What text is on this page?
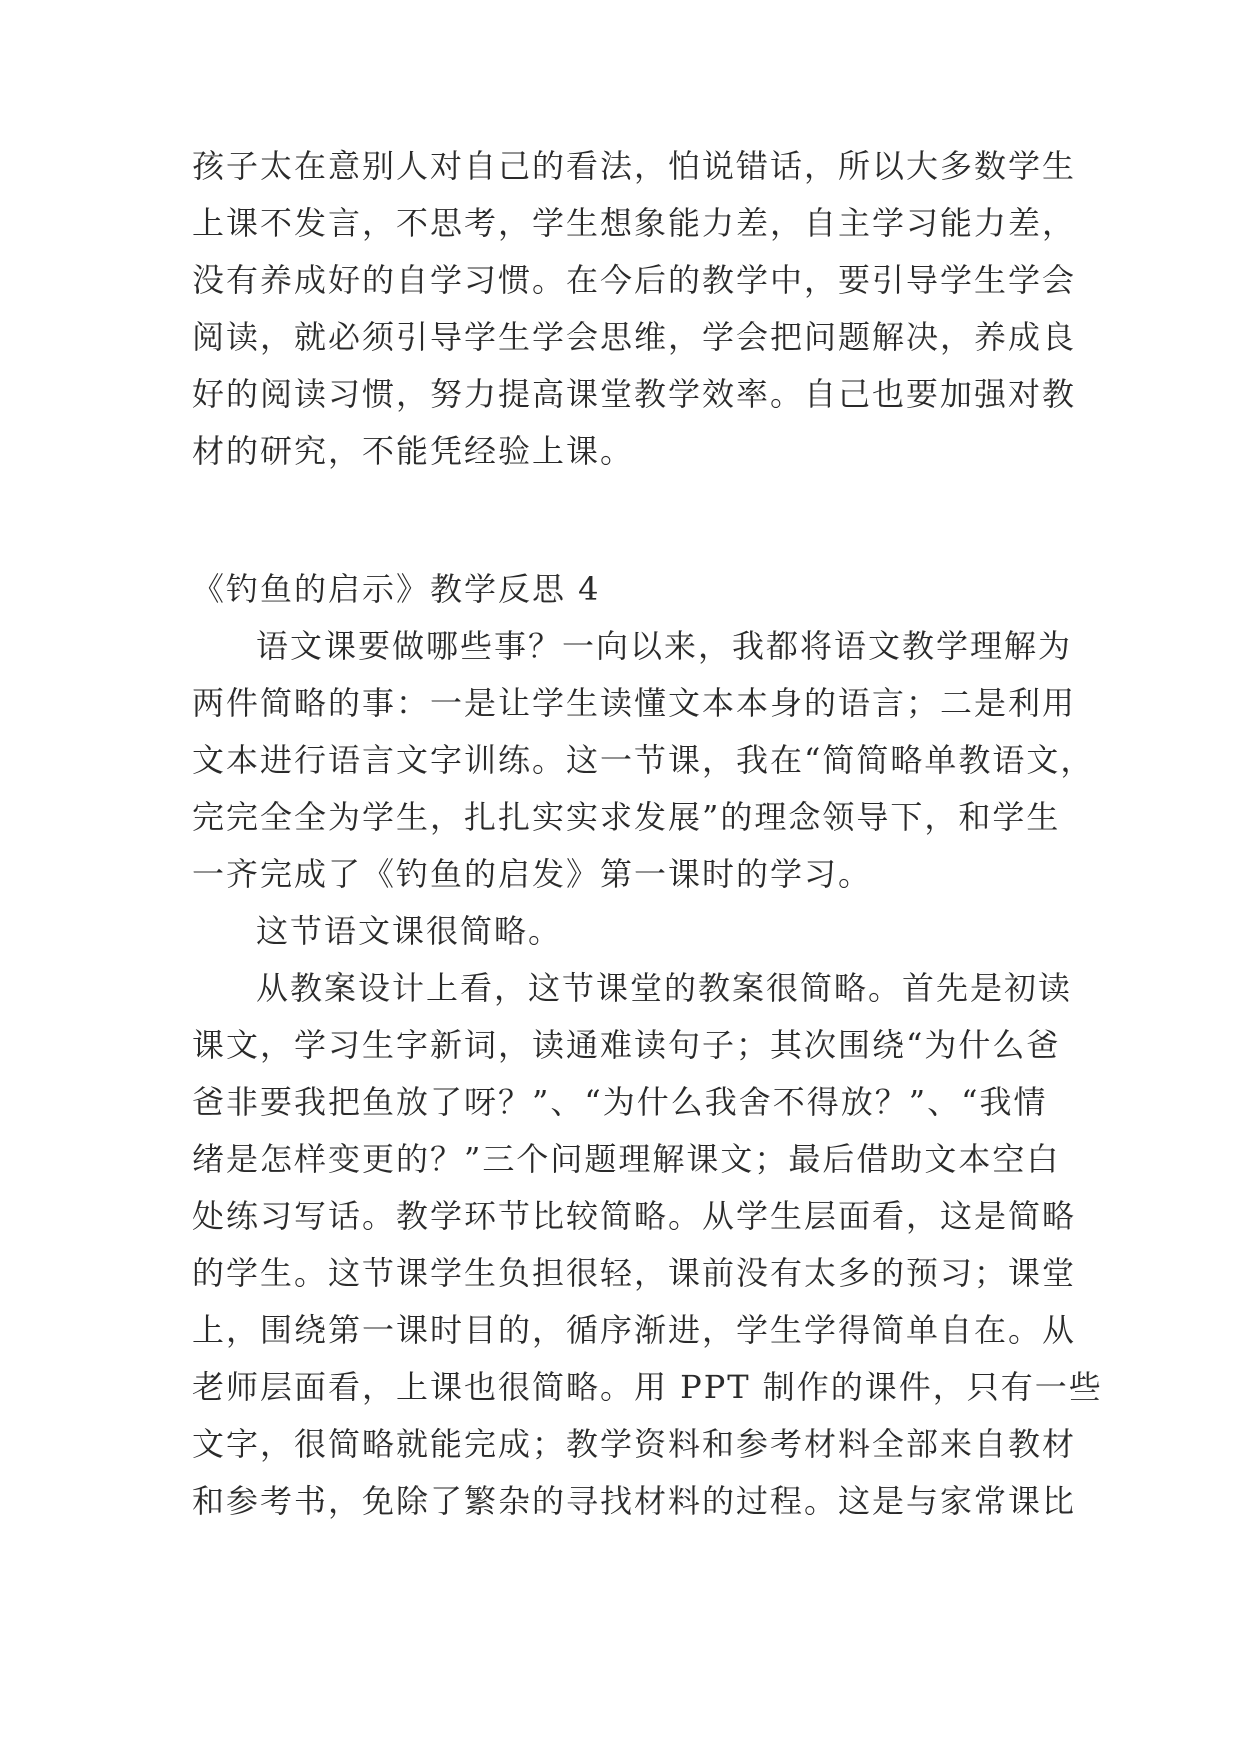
孩子太在意别人对自己的看法，怕说错话，所以大多数学生
上课不发言，不思考，学生想象能力差，自主学习能力差，
没有养成好的自学习惯。在今后的教学中，要引导学生学会
阅读，就必须引导学生学会思维，学会把问题解决，养成良
好的阅读习惯，努力提高课堂教学效率。自己也要加强对教
材的研究，不能凭经验上课。
《钓鱼的启示》教学反思 4
语文课要做哪些事？一向以来，我都将语文教学理解为
两件简略的事：一是让学生读懂文本本身的语言；二是利用
文本进行语言文字训练。这一节课，我在“简简略单教语文，
完完全全为学生，扎扎实实求发展”的理念领导下，和学生
一齐完成了《钓鱼的启发》第一课时的学习。
这节语文课很简略。
从教案设计上看，这节课堂的教案很简略。首先是初读
课文，学习生字新词，读通难读句子；其次围绕“为什么爸
爸非要我把鱼放了呀？”、“为什么我舍不得放？”、“我情
绪是怎样变更的？”三个问题理解课文；最后借助文本空白
处练习写话。教学环节比较简略。从学生层面看，这是简略
的学生。这节课学生负担很轻，课前没有太多的预习；课堂
上，围绕第一课时目的，循序渐进，学生学得简单自在。从
老师层面看，上课也很简略。用 PPT 制作的课件，只有一些
文字，很简略就能完成；教学资料和参考材料全部来自教材
和参考书，免除了繁杂的寻找材料的过程。这是与家常课比
